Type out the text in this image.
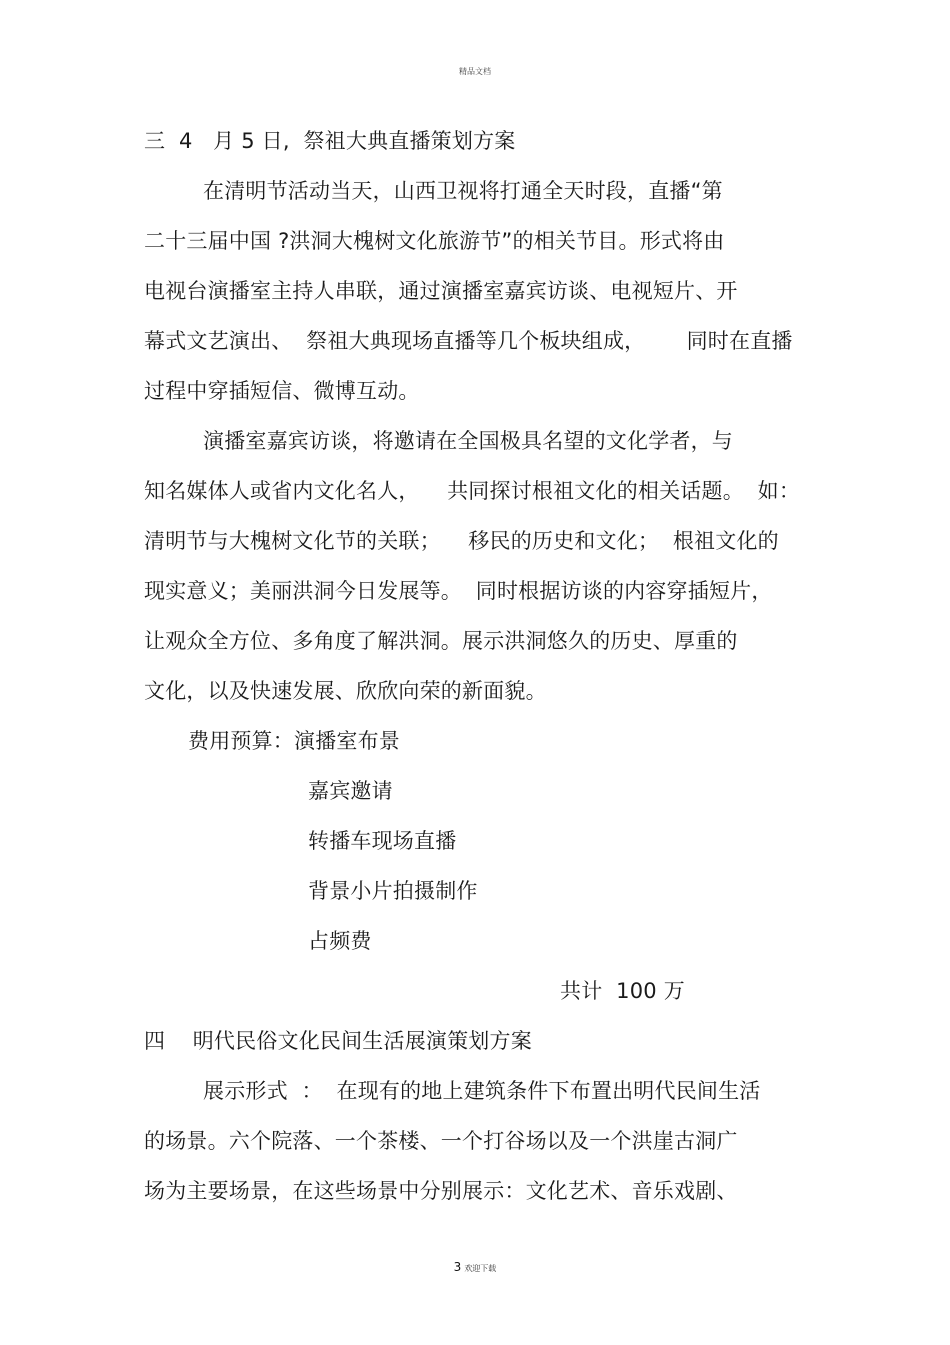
精品文档
三  4   月 5 日,  祭祖大典直播策划方案
在清明节活动当天，山西卫视将打通全天时段，直播“第
二十三届中国 ?洪洞大槐树文化旅游节”的相关节目。形式将由
电视台演播室主持人串联，通过演播室嘉宾访谈、电视短片、开
幕式文艺演出、  祭祖大典现场直播等几个板块组成，      同时在直播
过程中穿插短信、微博互动。
演播室嘉宾访谈，将邀请在全国极具名望的文化学者，与
知名媒体人或省内文化名人，    共同探讨根祖文化的相关话题。  如：
清明节与大槐树文化节的关联；    移民的历史和文化；  根祖文化的
现实意义；美丽洪洞今日发展等。  同时根据访谈的内容穿插短片，
让观众全方位、多角度了解洪洞。展示洪洞悠久的历史、厚重的
文化，以及快速发展、欣欣向荣的新面貌。
费用预算：演播室布景
嘉宾邀请
转播车现场直播
背景小片拍摄制作
占频费
共计  100 万
四    明代民俗文化民间生活展演策划方案
展示形式  ：  在现有的地上建筑条件下布置出明代民间生活
的场景。六个院落、一个茶楼、一个打谷场以及一个洪崖古洞广
场为主要场景，在这些场景中分别展示：文化艺术、音乐戏剧、
3 欢迎下载
